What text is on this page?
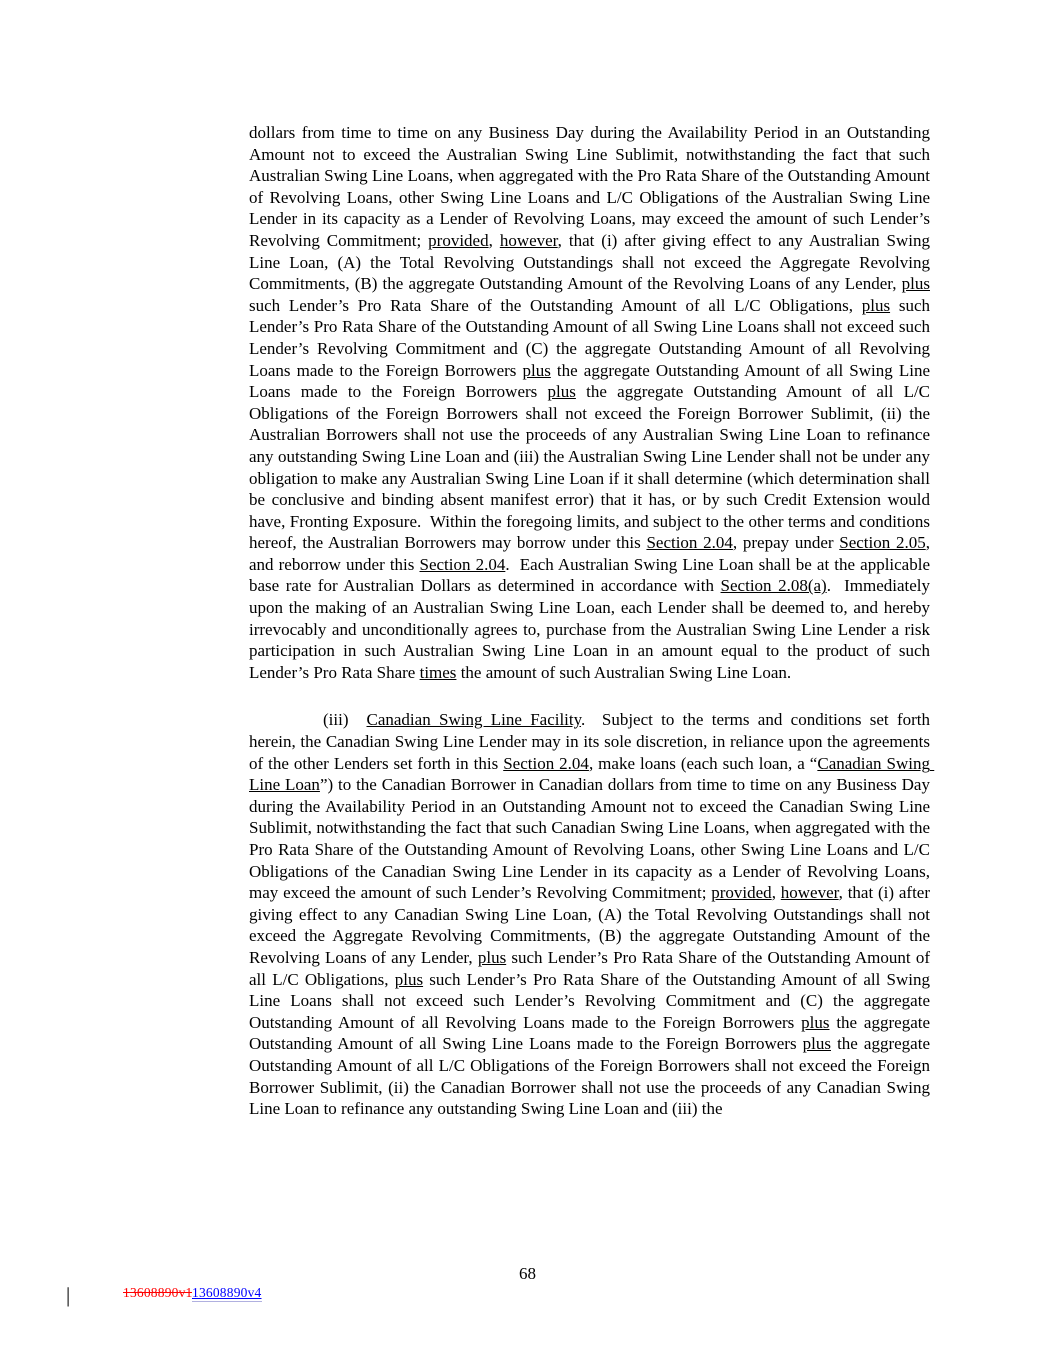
dollars from time to time on any Business Day during the Availability Period in an Outstanding Amount not to exceed the Australian Swing Line Sublimit, notwithstanding the fact that such Australian Swing Line Loans, when aggregated with the Pro Rata Share of the Outstanding Amount of Revolving Loans, other Swing Line Loans and L/C Obligations of the Australian Swing Line Lender in its capacity as a Lender of Revolving Loans, may exceed the amount of such Lender’s Revolving Commitment; provided, however, that (i) after giving effect to any Australian Swing Line Loan, (A) the Total Revolving Outstandings shall not exceed the Aggregate Revolving Commitments, (B) the aggregate Outstanding Amount of the Revolving Loans of any Lender, plus such Lender’s Pro Rata Share of the Outstanding Amount of all L/C Obligations, plus such Lender’s Pro Rata Share of the Outstanding Amount of all Swing Line Loans shall not exceed such Lender’s Revolving Commitment and (C) the aggregate Outstanding Amount of all Revolving Loans made to the Foreign Borrowers plus the aggregate Outstanding Amount of all Swing Line Loans made to the Foreign Borrowers plus the aggregate Outstanding Amount of all L/C Obligations of the Foreign Borrowers shall not exceed the Foreign Borrower Sublimit, (ii) the Australian Borrowers shall not use the proceeds of any Australian Swing Line Loan to refinance any outstanding Swing Line Loan and (iii) the Australian Swing Line Lender shall not be under any obligation to make any Australian Swing Line Loan if it shall determine (which determination shall be conclusive and binding absent manifest error) that it has, or by such Credit Extension would have, Fronting Exposure.  Within the foregoing limits, and subject to the other terms and conditions hereof, the Australian Borrowers may borrow under this Section 2.04, prepay under Section 2.05, and reborrow under this Section 2.04.  Each Australian Swing Line Loan shall be at the applicable base rate for Australian Dollars as determined in accordance with Section 2.08(a).  Immediately upon the making of an Australian Swing Line Loan, each Lender shall be deemed to, and hereby irrevocably and unconditionally agrees to, purchase from the Australian Swing Line Lender a risk participation in such Australian Swing Line Loan in an amount equal to the product of such Lender’s Pro Rata Share times the amount of such Australian Swing Line Loan.

(iii) Canadian Swing Line Facility.  Subject to the terms and conditions set forth herein, the Canadian Swing Line Lender may in its sole discretion, in reliance upon the agreements of the other Lenders set forth in this Section 2.04, make loans (each such loan, a “Canadian Swing Line Loan”) to the Canadian Borrower in Canadian dollars from time to time on any Business Day during the Availability Period in an Outstanding Amount not to exceed the Canadian Swing Line Sublimit, notwithstanding the fact that such Canadian Swing Line Loans, when aggregated with the Pro Rata Share of the Outstanding Amount of Revolving Loans, other Swing Line Loans and L/C Obligations of the Canadian Swing Line Lender in its capacity as a Lender of Revolving Loans, may exceed the amount of such Lender’s Revolving Commitment; provided, however, that (i) after giving effect to any Canadian Swing Line Loan, (A) the Total Revolving Outstandings shall not exceed the Aggregate Revolving Commitments, (B) the aggregate Outstanding Amount of the Revolving Loans of any Lender, plus such Lender’s Pro Rata Share of the Outstanding Amount of all L/C Obligations, plus such Lender’s Pro Rata Share of the Outstanding Amount of all Swing Line Loans shall not exceed such Lender’s Revolving Commitment and (C) the aggregate Outstanding Amount of all Revolving Loans made to the Foreign Borrowers plus the aggregate Outstanding Amount of all Swing Line Loans made to the Foreign Borrowers plus the aggregate Outstanding Amount of all L/C Obligations of the Foreign Borrowers shall not exceed the Foreign Borrower Sublimit, (ii) the Canadian Borrower shall not use the proceeds of any Canadian Swing Line Loan to refinance any outstanding Swing Line Loan and (iii) the

68
|	13608890v113608890v4
